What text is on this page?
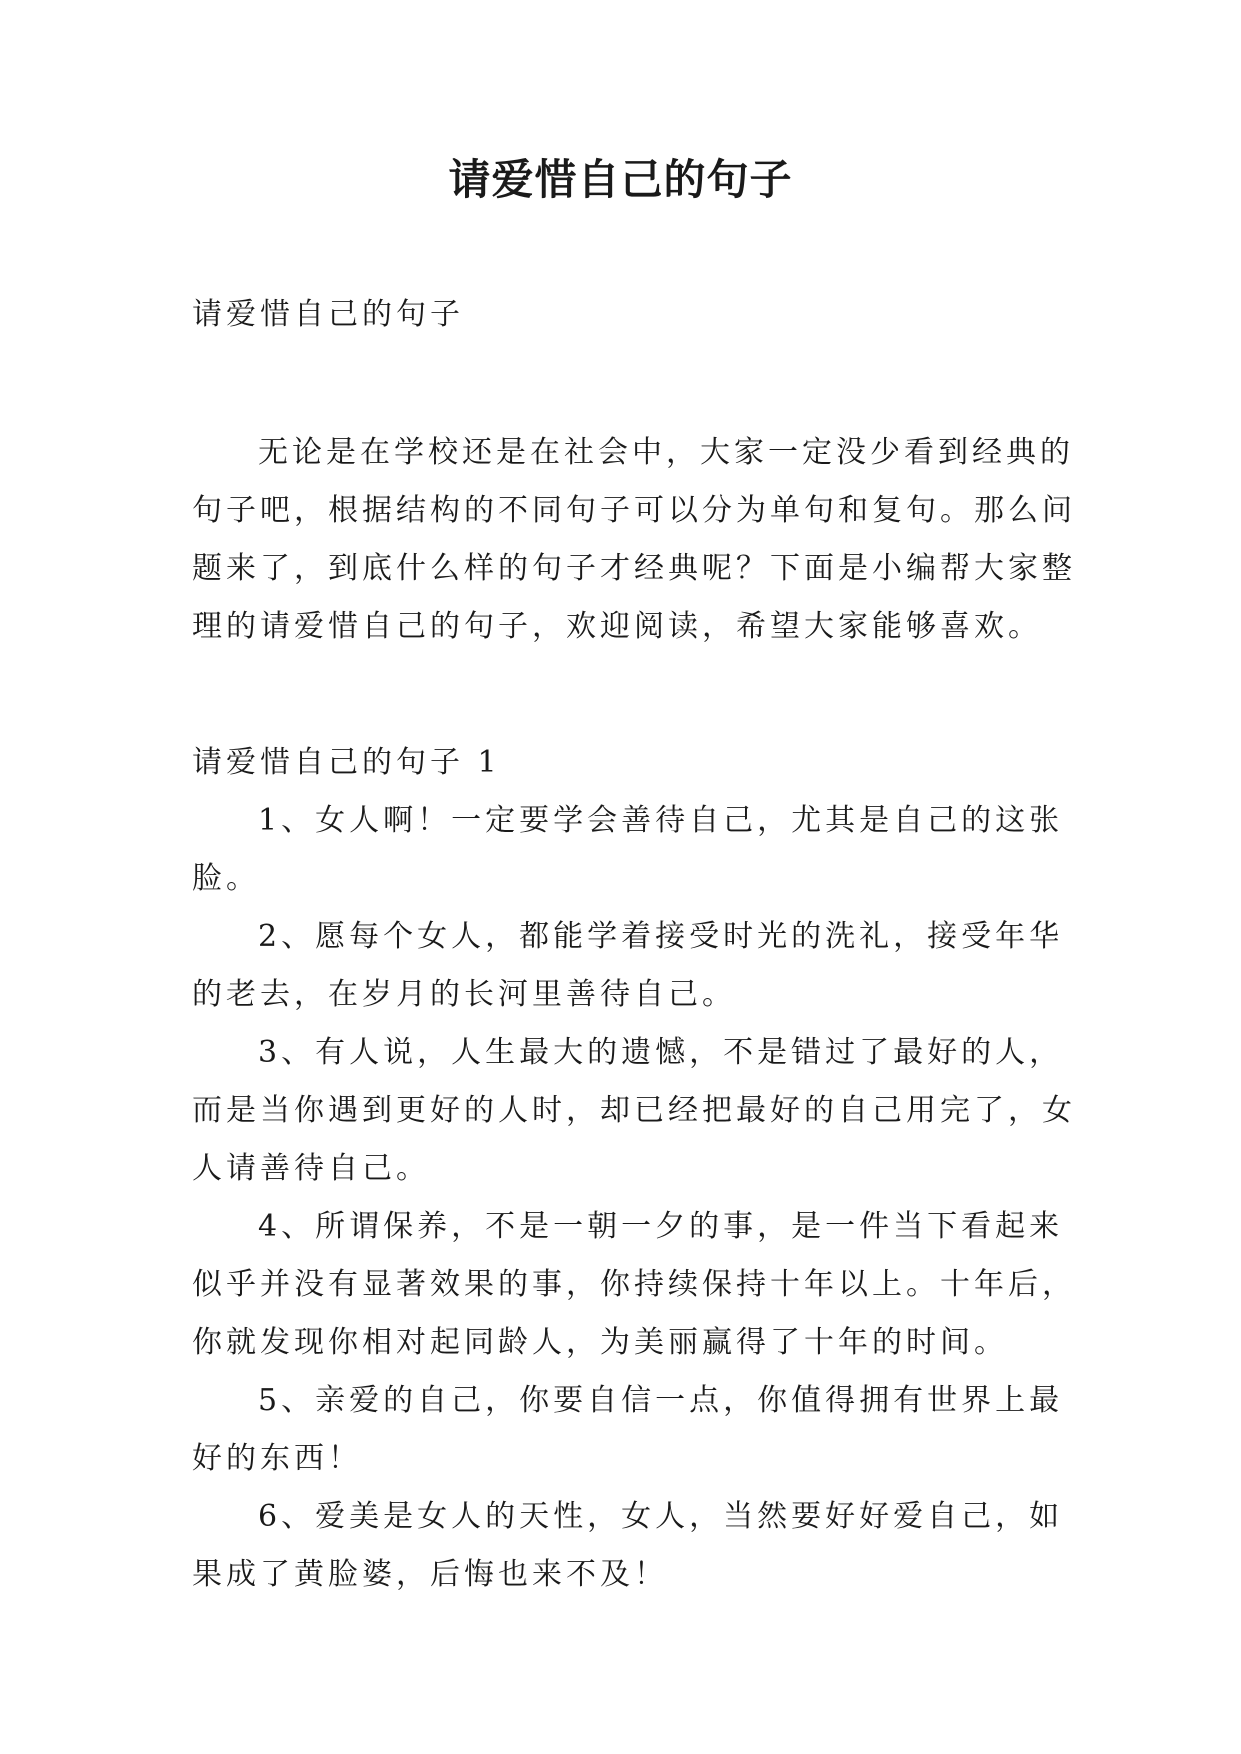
请爱惜自己的句子
请爱惜自己的句子
无论是在学校还是在社会中，大家一定没少看到经典的
句子吧，根据结构的不同句子可以分为单句和复句。那么问
题来了，到底什么样的句子才经典呢？下面是小编帮大家整
理的请爱惜自己的句子，欢迎阅读，希望大家能够喜欢。
请爱惜自己的句子 1
1、女人啊！一定要学会善待自己，尤其是自己的这张
脸。
2、愿每个女人，都能学着接受时光的洗礼，接受年华
的老去，在岁月的长河里善待自己。
3、有人说，人生最大的遗憾，不是错过了最好的人，
而是当你遇到更好的人时，却已经把最好的自己用完了，女
人请善待自己。
4、所谓保养，不是一朝一夕的事，是一件当下看起来
似乎并没有显著效果的事，你持续保持十年以上。十年后，
你就发现你相对起同龄人，为美丽赢得了十年的时间。
5、亲爱的自己，你要自信一点，你值得拥有世界上最
好的东西！
6、爱美是女人的天性，女人，当然要好好爱自己，如
果成了黄脸婆，后悔也来不及！
